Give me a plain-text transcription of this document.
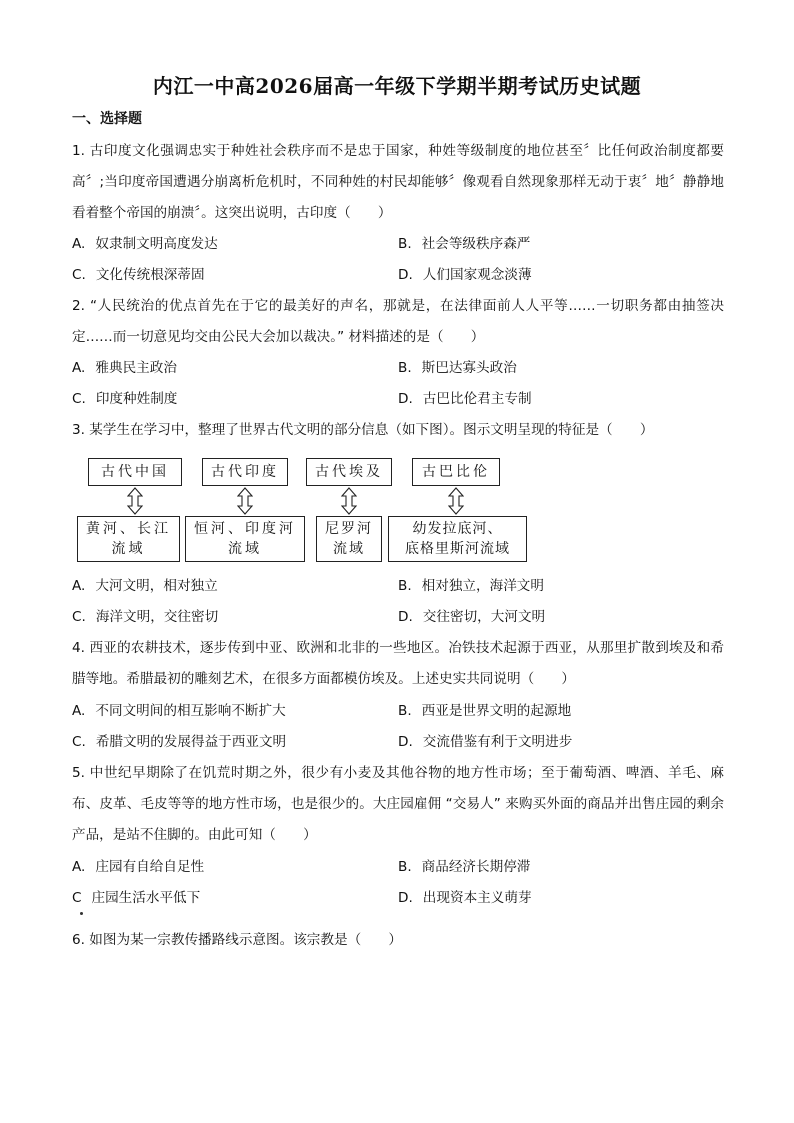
内江一中高2026届高一年级下学期半期考试历史试题
一、选择题
1. 古印度文化强调忠实于种姓社会秩序而不是忠于国家，种姓等级制度的地位甚至〞比任何政治制度都要高〞;当印度帝国遭遇分崩离析危机时，不同种姓的村民却能够〞像观看自然现象那样无动于衷〞地〞静静地看着整个帝国的崩溃〞。这突出说明，古印度（　　）
A. 奴隶制文明高度发达	B. 社会等级秩序森严
C. 文化传统根深蒂固	D. 人们国家观念淡薄
2. “人民统治的优点首先在于它的最美好的声名，那就是，在法律面前人人平等……一切职务都由抽签决定……而一切意见均交由公民大会加以裁决。” 材料描述的是（　　）
A. 雅典民主政治	B. 斯巴达寡头政治
C. 印度种姓制度	D. 古巴比伦君主专制
3. 某学生在学习中，整理了世界古代文明的部分信息（如下图）。图示文明呈现的特征是（　　）
古代中国
黄河、长江
流域
古代印度
恒河、印度河
流域
古代埃及
尼罗河
流域
古巴比伦
幼发拉底河、
底格里斯河流域
A. 大河文明，相对独立	B. 相对独立，海洋文明
C. 海洋文明，交往密切	D. 交往密切，大河文明
4. 西亚的农耕技术，逐步传到中亚、欧洲和北非的一些地区。冶铁技术起源于西亚，从那里扩散到埃及和希腊等地。希腊最初的雕刻艺术，在很多方面都模仿埃及。上述史实共同说明（　　）
A. 不同文明间的相互影响不断扩大	B. 西亚是世界文明的起源地
C. 希腊文明的发展得益于西亚文明	D. 交流借鉴有利于文明进步
5. 中世纪早期除了在饥荒时期之外，很少有小麦及其他谷物的地方性市场；至于葡萄酒、啤酒、羊毛、麻布、皮革、毛皮等等的地方性市场，也是很少的。大庄园雇佣 “交易人” 来购买外面的商品并出售庄园的剩余产品，是站不住脚的。由此可知（　　）
A. 庄园有自给自足性	B. 商品经济长期停滞
C 庄园生活水平低下	D. 出现资本主义萌芽
6. 如图为某一宗教传播路线示意图。该宗教是（　　）
